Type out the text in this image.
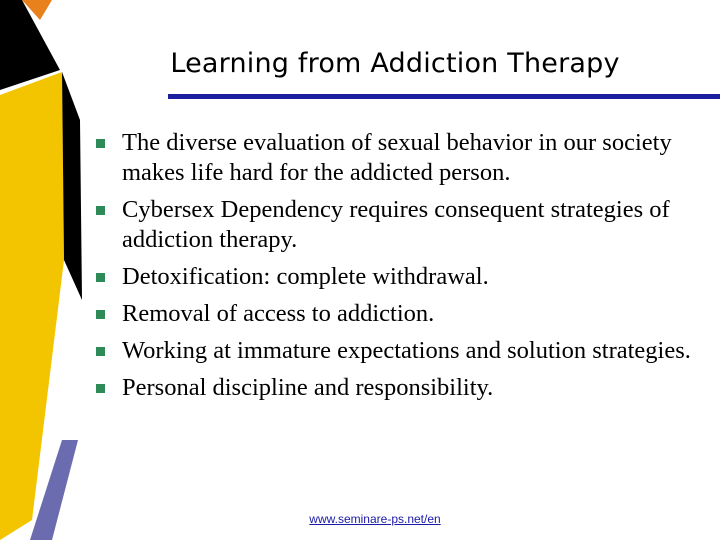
Learning from Addiction Therapy
The diverse evaluation of sexual behavior in our society makes life hard for the addicted person.
Cybersex Dependency requires consequent strategies of addiction therapy.
Detoxification: complete withdrawal.
Removal of access to addiction.
Working at immature expectations and solution strategies.
Personal discipline and responsibility.
www.seminare-ps.net/en
